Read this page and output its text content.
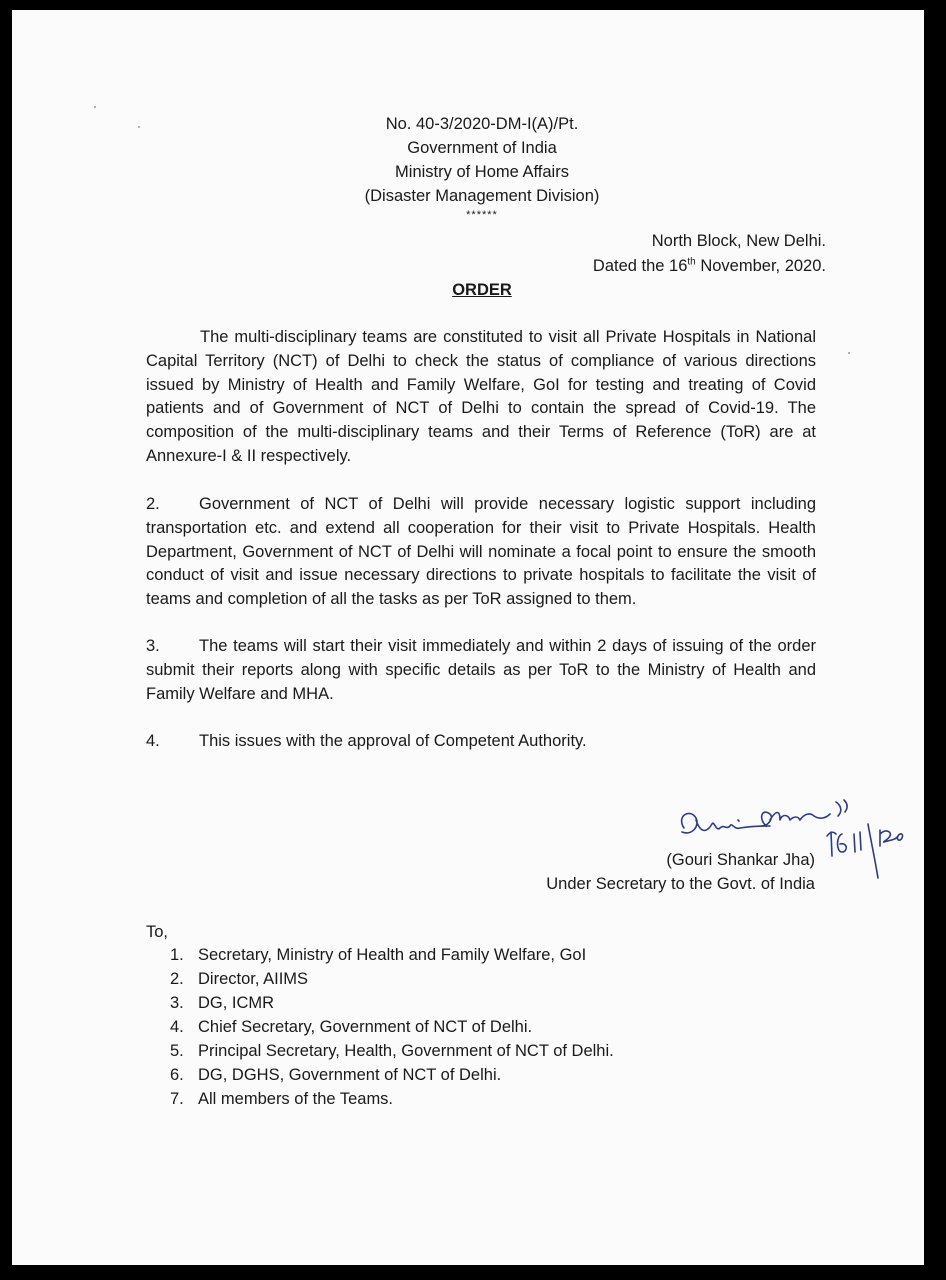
No. 40-3/2020-DM-I(A)/Pt.
Government of India
Ministry of Home Affairs
(Disaster Management Division)
******
North Block, New Delhi.
Dated the 16th November, 2020.
ORDER

The multi-disciplinary teams are constituted to visit all Private Hospitals in National Capital Territory (NCT) of Delhi to check the status of compliance of various directions issued by Ministry of Health and Family Welfare, GoI for testing and treating of Covid patients and of Government of NCT of Delhi to contain the spread of Covid-19. The composition of the multi-disciplinary teams and their Terms of Reference (ToR) are at Annexure-I & II respectively.

2. Government of NCT of Delhi will provide necessary logistic support including transportation etc. and extend all cooperation for their visit to Private Hospitals. Health Department, Government of NCT of Delhi will nominate a focal point to ensure the smooth conduct of visit and issue necessary directions to private hospitals to facilitate the visit of teams and completion of all the tasks as per ToR assigned to them.

3. The teams will start their visit immediately and within 2 days of issuing of the order submit their reports along with specific details as per ToR to the Ministry of Health and Family Welfare and MHA.

4. This issues with the approval of Competent Authority.

(Gouri Shankar Jha)
Under Secretary to the Govt. of India
To,
1. Secretary, Ministry of Health and Family Welfare, GoI
2. Director, AIIMS
3. DG, ICMR
4. Chief Secretary, Government of NCT of Delhi.
5. Principal Secretary, Health, Government of NCT of Delhi.
6. DG, DGHS, Government of NCT of Delhi.
7. All members of the Teams.
